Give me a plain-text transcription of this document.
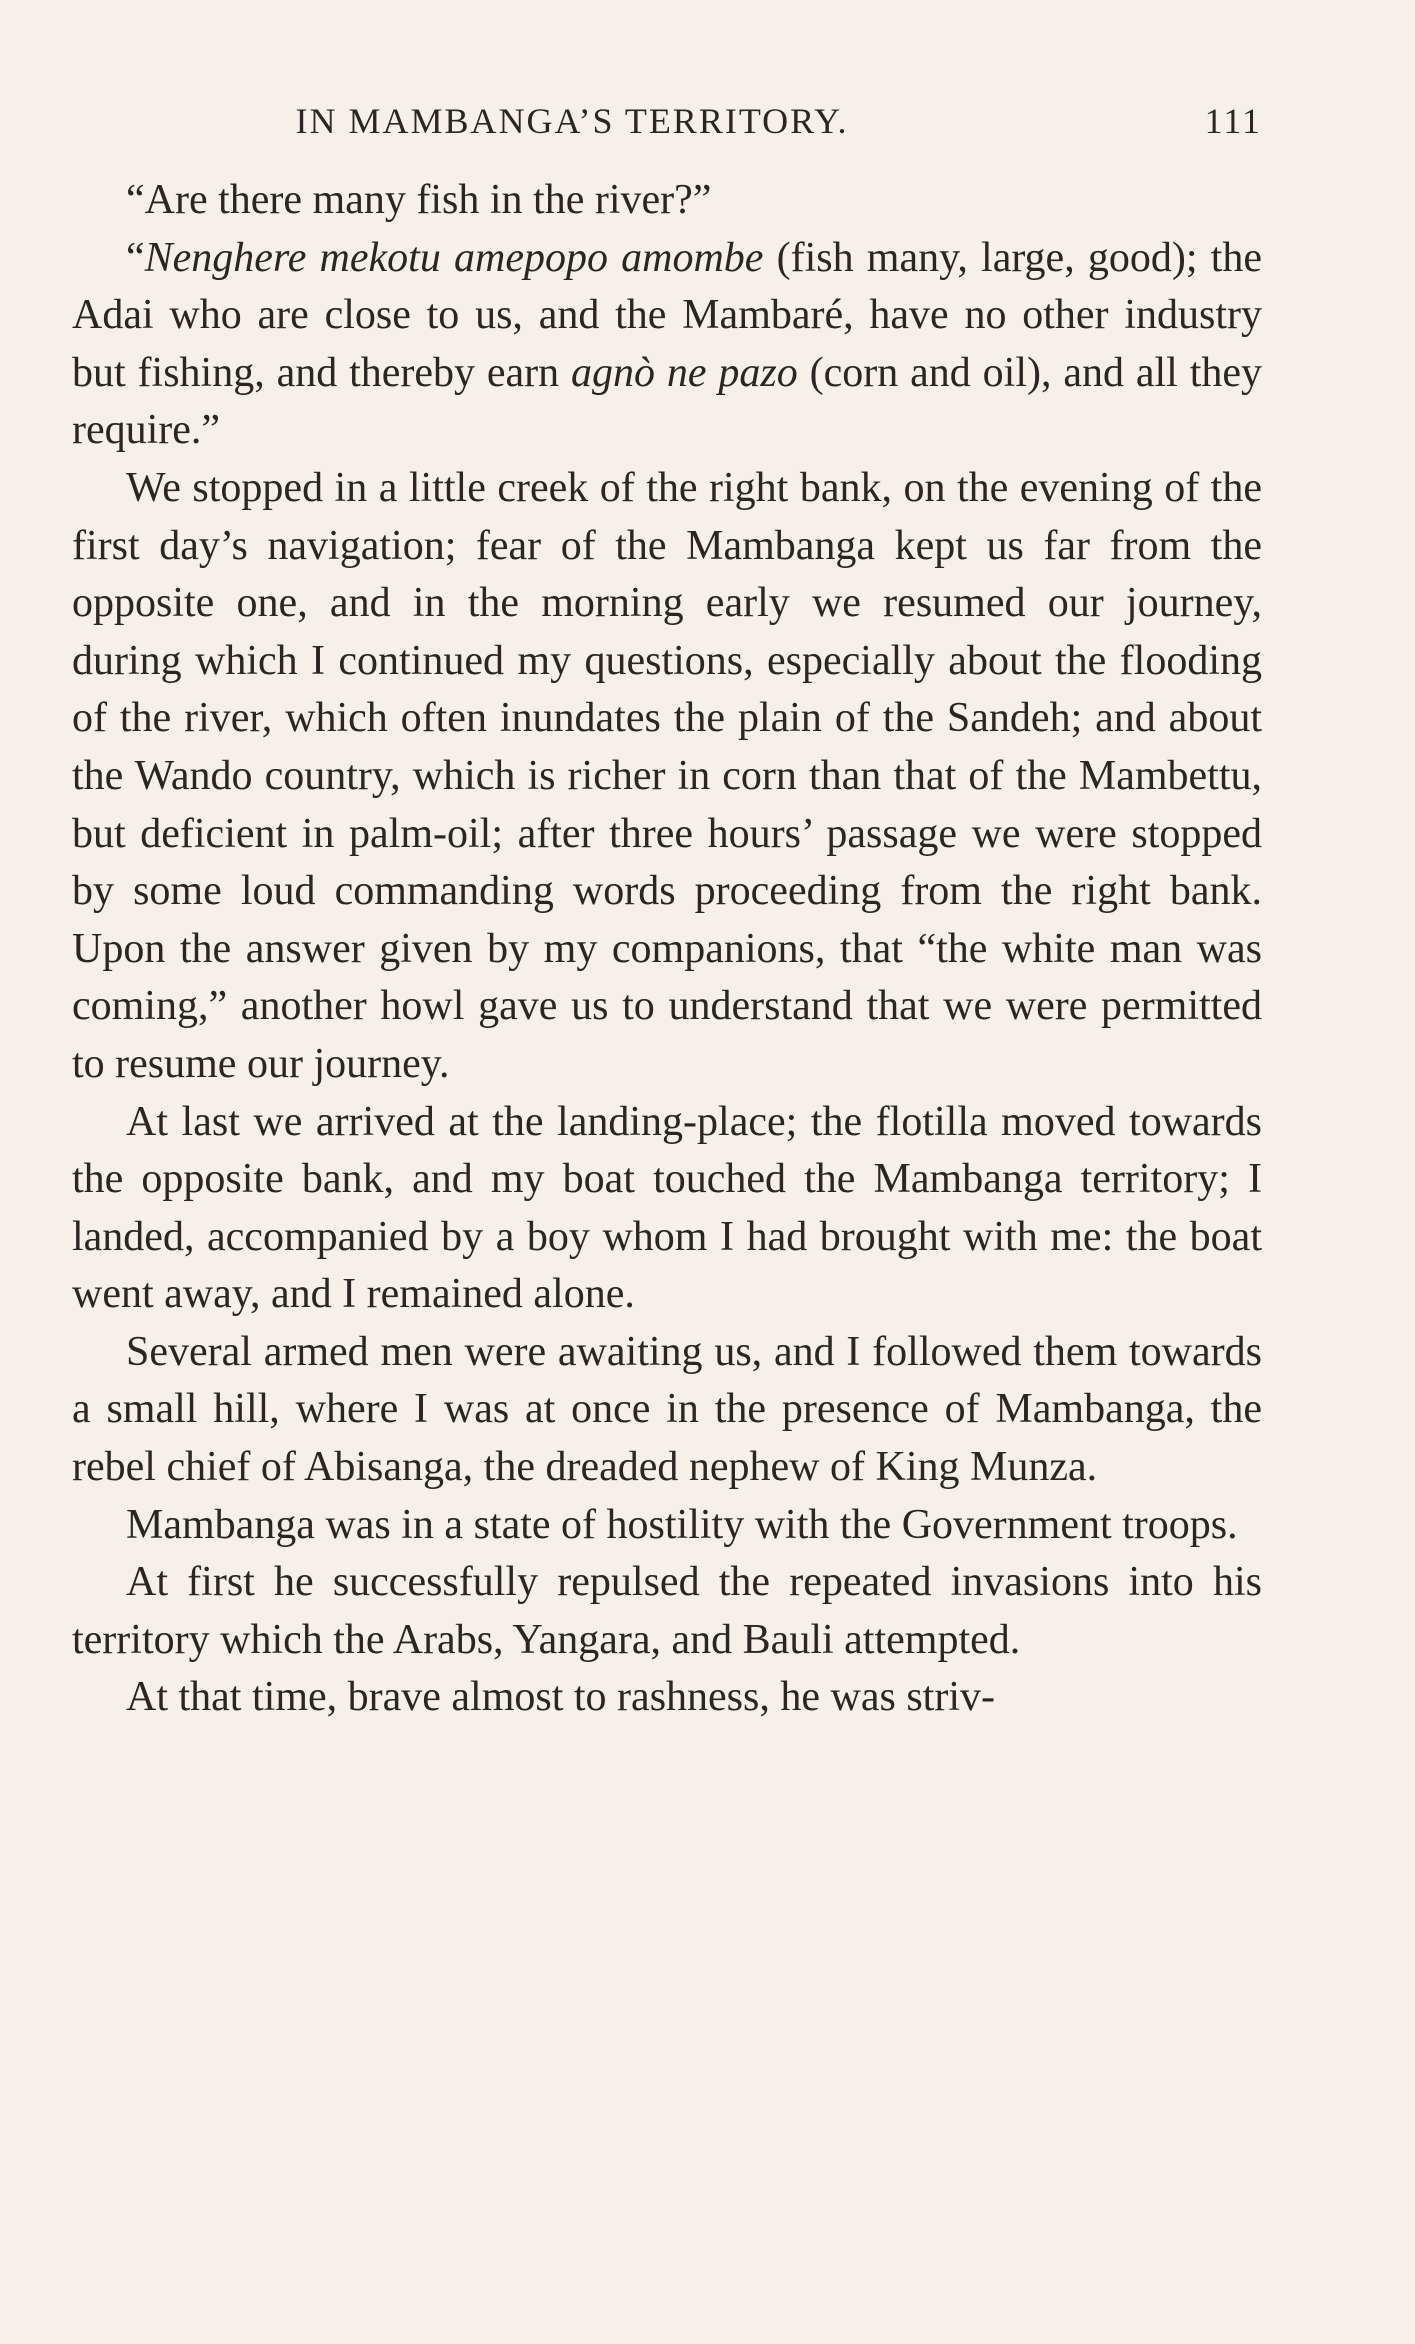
IN MAMBANGA’S TERRITORY.	111

“Are there many fish in the river?”

“Nenghere mekotu amepopo amombe (fish many, large, good); the Adai who are close to us, and the Mambaré, have no other industry but fishing, and thereby earn agnò ne pazo (corn and oil), and all they require.”

We stopped in a little creek of the right bank, on the evening of the first day’s navigation; fear of the Mambanga kept us far from the opposite one, and in the morning early we resumed our journey, during which I continued my questions, especially about the flooding of the river, which often inundates the plain of the Sandeh; and about the Wando country, which is richer in corn than that of the Mambettu, but deficient in palm-oil; after three hours’ passage we were stopped by some loud commanding words proceeding from the right bank. Upon the answer given by my companions, that “the white man was coming,” another howl gave us to understand that we were permitted to resume our journey.

At last we arrived at the landing-place; the flotilla moved towards the opposite bank, and my boat touched the Mambanga territory; I landed, accompanied by a boy whom I had brought with me: the boat went away, and I remained alone.

Several armed men were awaiting us, and I followed them towards a small hill, where I was at once in the presence of Mambanga, the rebel chief of Abisanga, the dreaded nephew of King Munza.

Mambanga was in a state of hostility with the Government troops.

At first he successfully repulsed the repeated invasions into his territory which the Arabs, Yangara, and Bauli attempted.

At that time, brave almost to rashness, he was striv-
